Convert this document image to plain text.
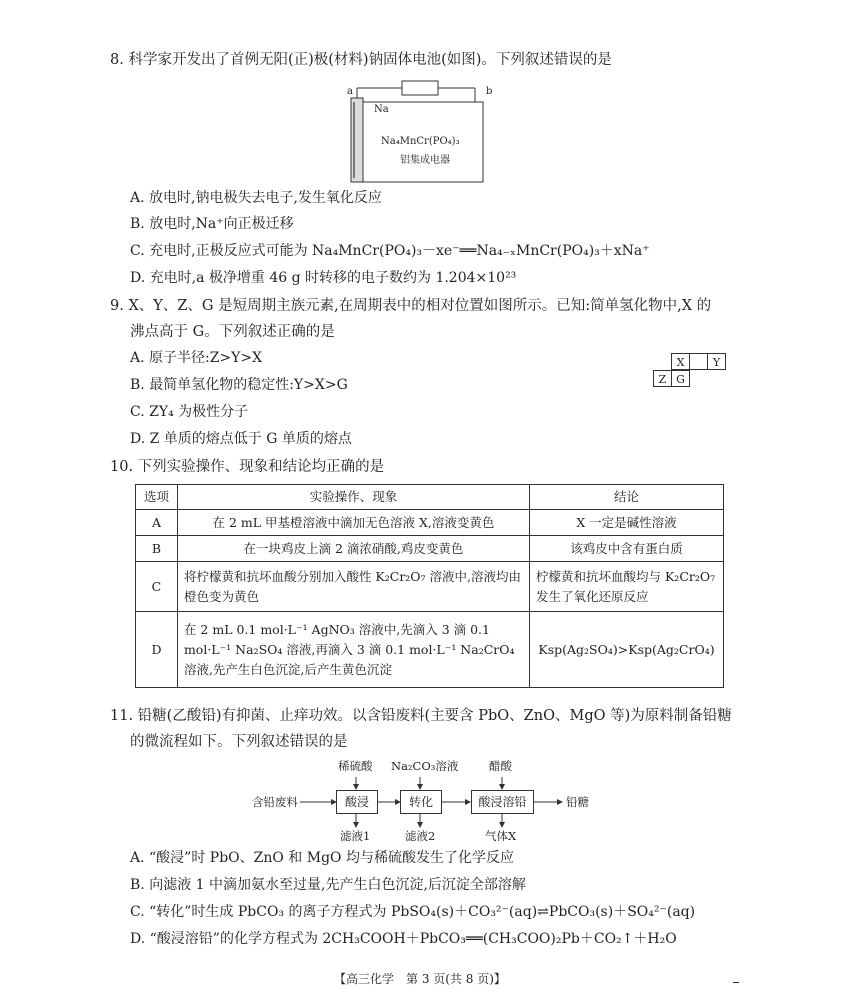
8. 科学家开发出了首例无阳(正)极(材料)钠固体电池(如图)。下列叙述错误的是
a	b
Na
Na₄MnCr(PO₄)₃
铝集成电器
A. 放电时,钠电极失去电子,发生氧化反应
B. 放电时,Na⁺向正极迁移
C. 充电时,正极反应式可能为 Na₄MnCr(PO₄)₃－xe⁻══Na₄₋ₓMnCr(PO₄)₃＋xNa⁺
D. 充电时,a 极净增重 46 g 时转移的电子数约为 1.204×10²³
9. X、Y、Z、G 是短周期主族元素,在周期表中的相对位置如图所示。已知:简单氢化物中,X 的
沸点高于 G。下列叙述正确的是
A. 原子半径:Z>Y>X
B. 最简单氢化物的稳定性:Y>X>G
C. ZY₄ 为极性分子
D. Z 单质的熔点低于 G 单质的熔点
X	Y
Z G
10. 下列实验操作、现象和结论均正确的是
选项	实验操作、现象	结论
A	在 2 mL 甲基橙溶液中滴加无色溶液 X,溶液变黄色	X 一定是碱性溶液
B	在一块鸡皮上滴 2 滴浓硝酸,鸡皮变黄色	该鸡皮中含有蛋白质
C	将柠檬黄和抗坏血酸分别加入酸性 K₂Cr₂O₇ 溶液中,溶液均由橙色变为黄色	柠檬黄和抗坏血酸均与 K₂Cr₂O₇ 发生了氧化还原反应
D	在 2 mL 0.1 mol·L⁻¹ AgNO₃ 溶液中,先滴入 3 滴 0.1 mol·L⁻¹ Na₂SO₄ 溶液,再滴入 3 滴 0.1 mol·L⁻¹ Na₂CrO₄ 溶液,先产生白色沉淀,后产生黄色沉淀	Ksp(Ag₂SO₄)>Ksp(Ag₂CrO₄)
11. 铅糖(乙酸铅)有抑菌、止痒功效。以含铅废料(主要含 PbO、ZnO、MgO 等)为原料制备铅糖
的微流程如下。下列叙述错误的是
稀硫酸 Na₂CO₃溶液	醋酸
含铅废料	酸浸	转化	酸浸溶铅	铅糖
滤液1	滤液2	气体X
A. “酸浸”时 PbO、ZnO 和 MgO 均与稀硫酸发生了化学反应
B. 向滤液 1 中滴加氨水至过量,先产生白色沉淀,后沉淀全部溶解
C. “转化”时生成 PbCO₃ 的离子方程式为 PbSO₄(s)＋CO₃²⁻(aq)⇌PbCO₃(s)＋SO₄²⁻(aq)
D. “酸浸溶铅”的化学方程式为 2CH₃COOH＋PbCO₃══(CH₃COO)₂Pb＋CO₂↑＋H₂O
【高三化学　第 3 页(共 8 页)】
